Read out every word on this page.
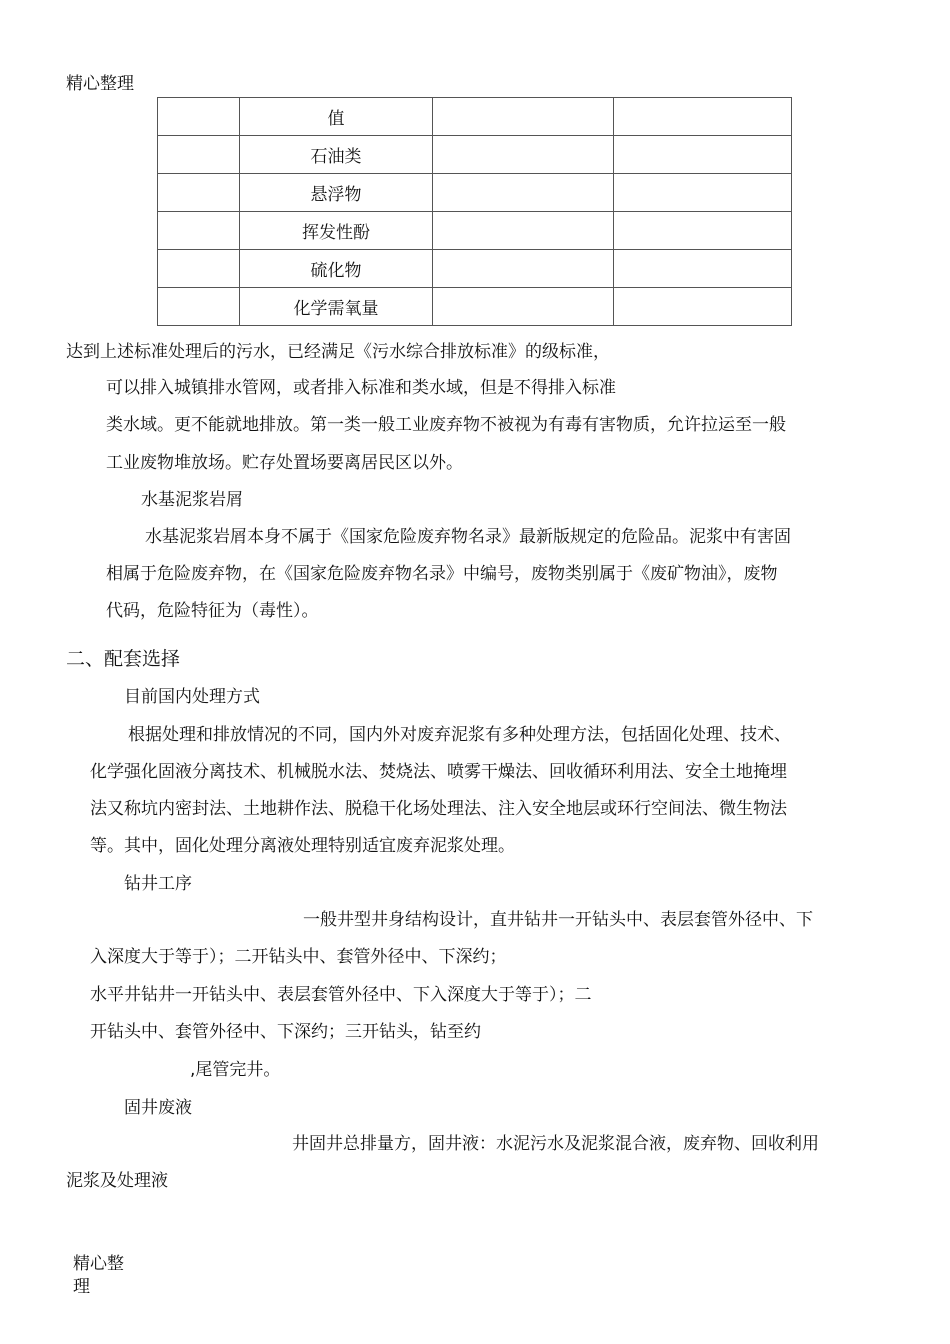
精心整理
	值		
	石油类		
	悬浮物		
	挥发性酚		
	硫化物		
	化学需氧量		
达到上述标准处理后的污水，已经满足《污水综合排放标准》的级标准，
可以排入城镇排水管网，或者排入标准和类水域，但是不得排入标准
类水域。更不能就地排放。第一类一般工业废弃物不被视为有毒有害物质，允许拉运至一般
工业废物堆放场。贮存处置场要离居民区以外。
水基泥浆岩屑
水基泥浆岩屑本身不属于《国家危险废弃物名录》最新版规定的危险品。泥浆中有害固
相属于危险废弃物，在《国家危险废弃物名录》中编号，废物类别属于《废矿物油》，废物
代码，危险特征为（毒性）。
二、配套选择
目前国内处理方式
根据处理和排放情况的不同，国内外对废弃泥浆有多种处理方法，包括固化处理、技术、
化学强化固液分离技术、机械脱水法、焚烧法、喷雾干燥法、回收循环利用法、安全土地掩埋
法又称坑内密封法、土地耕作法、脱稳干化场处理法、注入安全地层或环行空间法、微生物法
等。其中，固化处理分离液处理特别适宜废弃泥浆处理。
钻井工序
一般井型井身结构设计，直井钻井一开钻头中、表层套管外径中、下
入深度大于等于）；二开钻头中、套管外径中、下深约；
水平井钻井一开钻头中、表层套管外径中、下入深度大于等于）；二
开钻头中、套管外径中、下深约；三开钻头，钻至约
,尾管完井。
固井废液
井固井总排量方，固井液：水泥污水及泥浆混合液，废弃物、回收利用
泥浆及处理液
精心整
理
